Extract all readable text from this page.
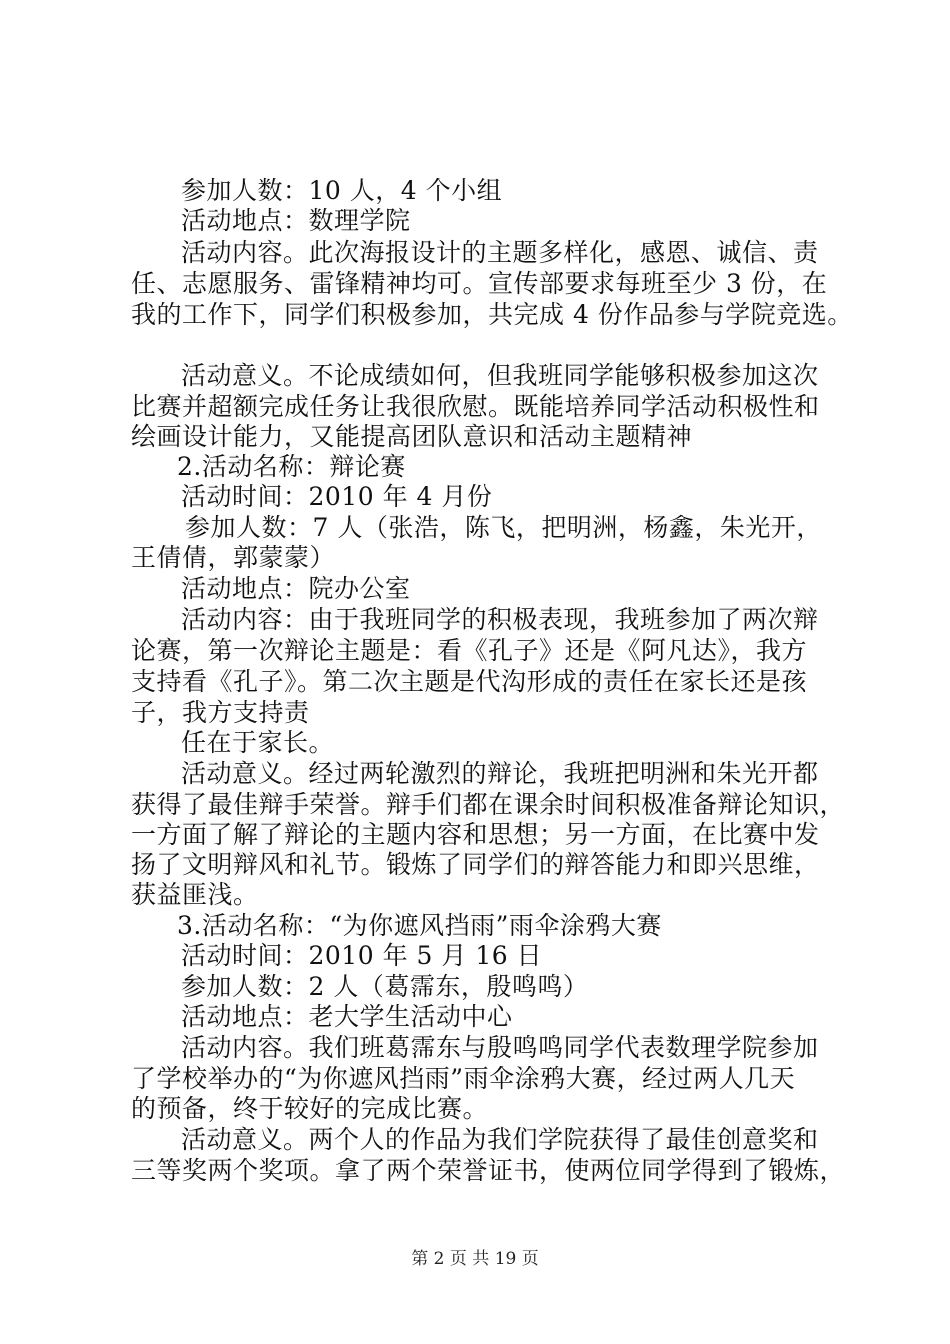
参加人数：10 人，4 个小组
活动地点：数理学院
活动内容。此次海报设计的主题多样化，感恩、诚信、责
任、志愿服务、雷锋精神均可。宣传部要求每班至少 3 份，在
我的工作下，同学们积极参加，共完成 4 份作品参与学院竞选。
活动意义。不论成绩如何，但我班同学能够积极参加这次
比赛并超额完成任务让我很欣慰。既能培养同学活动积极性和
绘画设计能力，又能提高团队意识和活动主题精神
2.活动名称：辩论赛
活动时间：2010 年 4 月份
参加人数：7 人（张浩，陈飞，把明洲，杨鑫，朱光开，
王倩倩，郭蒙蒙）
活动地点：院办公室
活动内容：由于我班同学的积极表现，我班参加了两次辩
论赛，第一次辩论主题是：看《孔子》还是《阿凡达》，我方
支持看《孔子》。第二次主题是代沟形成的责任在家长还是孩
子，我方支持责
任在于家长。
活动意义。经过两轮激烈的辩论，我班把明洲和朱光开都
获得了最佳辩手荣誉。辩手们都在课余时间积极准备辩论知识，
一方面了解了辩论的主题内容和思想；另一方面，在比赛中发
扬了文明辩风和礼节。锻炼了同学们的辩答能力和即兴思维，
获益匪浅。
3.活动名称：“为你遮风挡雨”雨伞涂鸦大赛
活动时间：2010 年 5 月 16 日
参加人数：2 人（葛霈东，殷鸣鸣）
活动地点：老大学生活动中心
活动内容。我们班葛霈东与殷鸣鸣同学代表数理学院参加
了学校举办的“为你遮风挡雨”雨伞涂鸦大赛，经过两人几天
的预备，终于较好的完成比赛。
活动意义。两个人的作品为我们学院获得了最佳创意奖和
三等奖两个奖项。拿了两个荣誉证书，使两位同学得到了锻炼，
第 2 页 共 19 页
